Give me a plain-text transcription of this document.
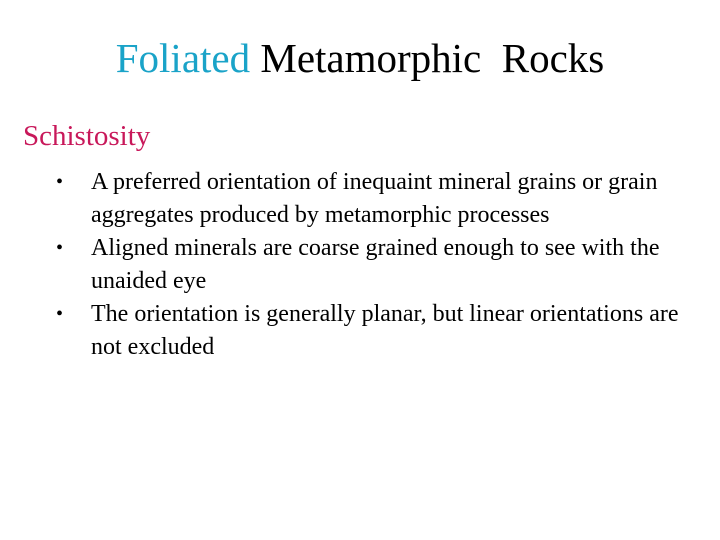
Foliated Metamorphic  Rocks
Schistosity
• A preferred orientation of inequaint mineral grains or grain aggregates produced by metamorphic processes
• Aligned minerals are coarse grained enough to see with the unaided eye
• The orientation is generally planar, but linear orientations are not excluded
